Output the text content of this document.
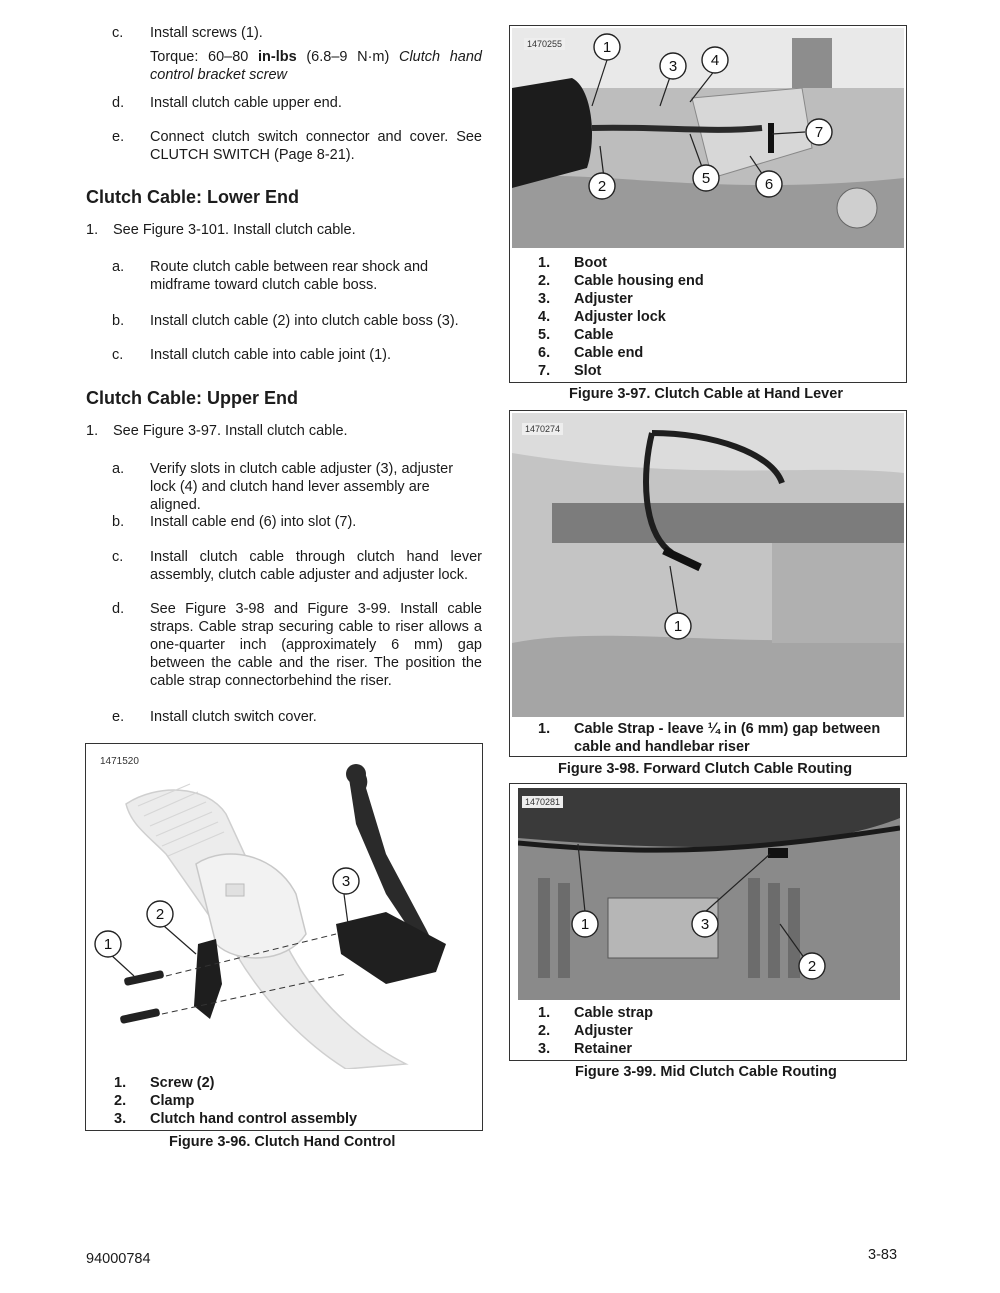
c.	Install screws (1).
Torque: 60–80 in-lbs (6.8–9 N·m) Clutch hand control bracket screw
d.	Install clutch cable upper end.
e.	Connect clutch switch connector and cover. See CLUTCH SWITCH (Page 8-21).
Clutch Cable: Lower End
1. See Figure 3-101. Install clutch cable.
a.	Route clutch cable between rear shock and midframe toward clutch cable boss.
b.	Install clutch cable (2) into clutch cable boss (3).
c.	Install clutch cable into cable joint (1).
Clutch Cable: Upper End
1. See Figure 3-97. Install clutch cable.
a.	Verify slots in clutch cable adjuster (3), adjuster lock (4) and clutch hand lever assembly are aligned.
b.	Install cable end (6) into slot (7).
c.	Install clutch cable through clutch hand lever assembly, clutch cable adjuster and adjuster lock.
d.	See Figure 3-98 and Figure 3-99. Install cable straps. Cable strap securing cable to riser allows a one-quarter inch (approximately 6 mm) gap between the cable and the riser. The position the cable strap connectorbehind the riser.
e.	Install clutch switch cover.
1471520
1
2
3
1.	Screw (2)
2.	Clamp
3.	Clutch hand control assembly
Figure 3-96. Clutch Hand Control
1470255	1
2
3 4
5	6
7
1.	Boot
2.	Cable housing end
3.	Adjuster
4.	Adjuster lock
5.	Cable
6.	Cable end
7.	Slot
Figure 3-97. Clutch Cable at Hand Lever
1470274
1
1.	Cable Strap - leave ¼ in (6 mm) gap between
cable and handlebar riser
Figure 3-98. Forward Clutch Cable Routing
1470281
1
2
3
1.	Cable strap
2.	Adjuster
3.	Retainer
Figure 3-99. Mid Clutch Cable Routing
94000784	3-83
